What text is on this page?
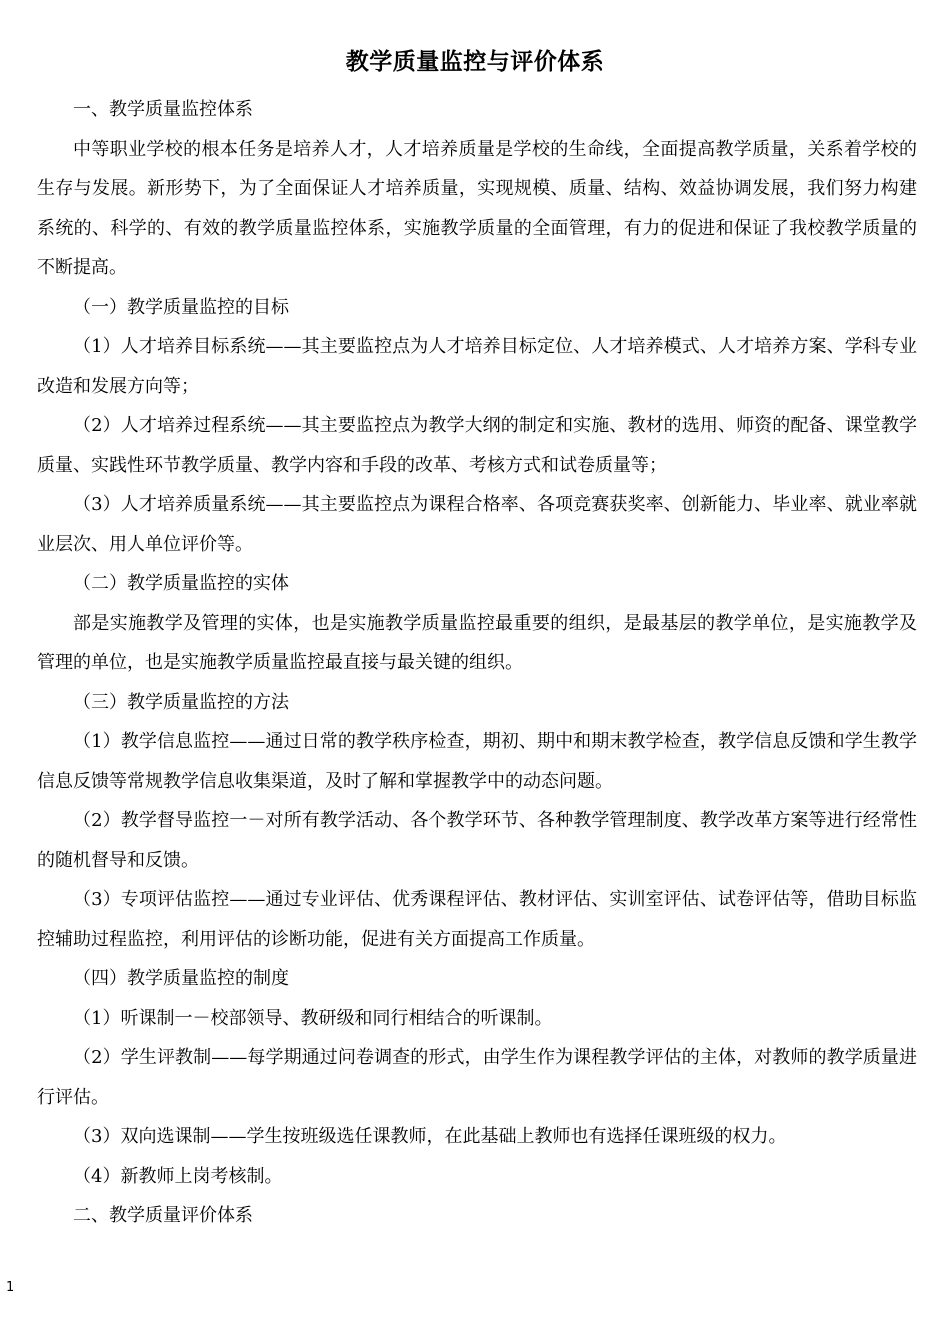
教学质量监控与评价体系

一、教学质量监控体系

中等职业学校的根本任务是培养人才，人才培养质量是学校的生命线，全面提高教学质量，关系着学校的生存与发展。新形势下，为了全面保证人才培养质量，实现规模、质量、结构、效益协调发展，我们努力构建系统的、科学的、有效的教学质量监控体系，实施教学质量的全面管理，有力的促进和保证了我校教学质量的不断提高。

（一）教学质量监控的目标

（1）人才培养目标系统——其主要监控点为人才培养目标定位、人才培养模式、人才培养方案、学科专业改造和发展方向等；

（2）人才培养过程系统——其主要监控点为教学大纲的制定和实施、教材的选用、师资的配备、课堂教学质量、实践性环节教学质量、教学内容和手段的改革、考核方式和试卷质量等；

（3）人才培养质量系统——其主要监控点为课程合格率、各项竞赛获奖率、创新能力、毕业率、就业率就业层次、用人单位评价等。

（二）教学质量监控的实体

部是实施教学及管理的实体，也是实施教学质量监控最重要的组织，是最基层的教学单位，是实施教学及管理的单位，也是实施教学质量监控最直接与最关键的组织。

（三）教学质量监控的方法

（1）教学信息监控——通过日常的教学秩序检查，期初、期中和期末教学检查，教学信息反馈和学生教学信息反馈等常规教学信息收集渠道，及时了解和掌握教学中的动态问题。

（2）教学督导监控一－对所有教学活动、各个教学环节、各种教学管理制度、教学改革方案等进行经常性的随机督导和反馈。

（3）专项评估监控——通过专业评估、优秀课程评估、教材评估、实训室评估、试卷评估等，借助目标监控辅助过程监控，利用评估的诊断功能，促进有关方面提高工作质量。

（四）教学质量监控的制度

（1）听课制一－校部领导、教研级和同行相结合的听课制。

（2）学生评教制——每学期通过问卷调查的形式，由学生作为课程教学评估的主体，对教师的教学质量进行评估。

（3）双向选课制——学生按班级选任课教师，在此基础上教师也有选择任课班级的权力。

（4）新教师上岗考核制。

二、教学质量评价体系

1
